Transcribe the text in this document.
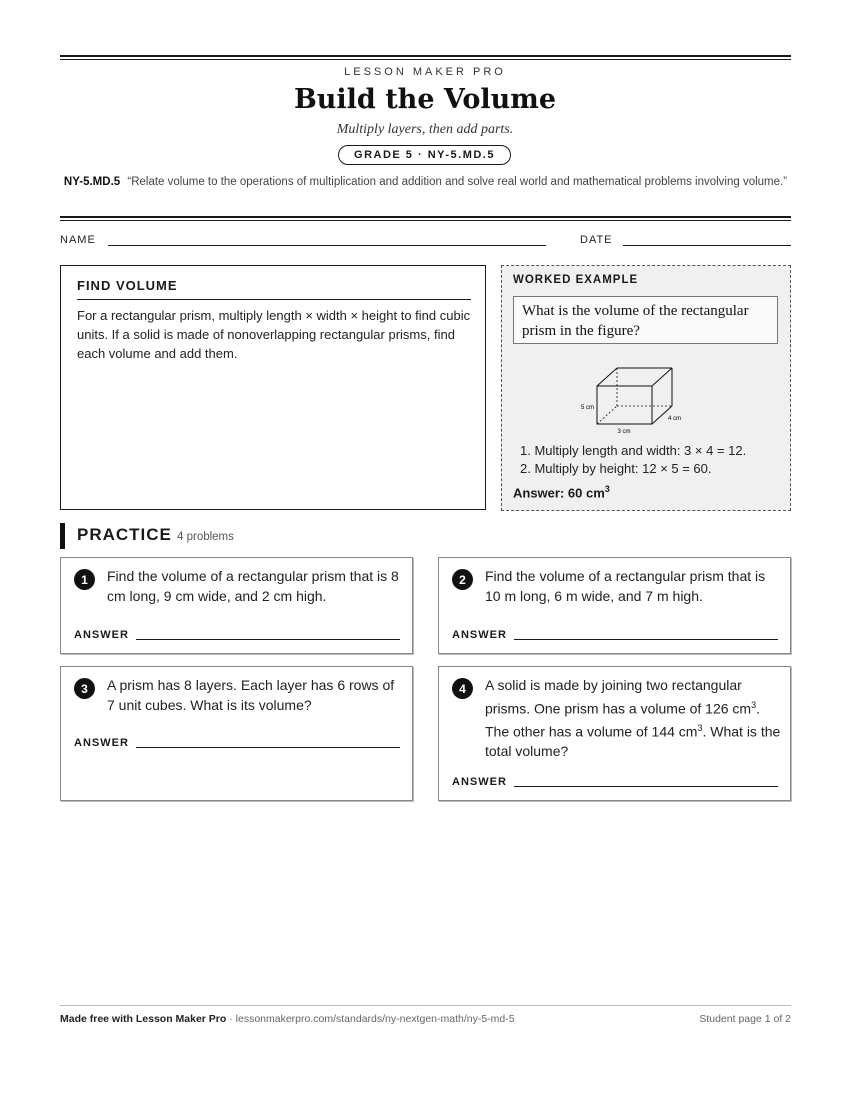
LESSON MAKER PRO
Build the Volume
Multiply layers, then add parts.
GRADE 5 · NY-5.MD.5
NY-5.MD.5 “Relate volume to the operations of multiplication and addition and solve real world and mathematical problems involving volume.”
NAME	DATE
FIND VOLUME
For a rectangular prism, multiply length × width × height to find cubic units. If a solid is made of nonoverlapping rectangular prisms, find each volume and add them.
WORKED EXAMPLE
What is the volume of the rectangular prism in the figure?
5 cm
3 cm
4 cm
1. Multiply length and width: 3 × 4 = 12.
2. Multiply by height: 12 × 5 = 60.
Answer: 60 $cm^3$
PRACTICE 4 problems
1	Find the volume of a rectangular prism that is 8 cm long, 9 cm wide, and 2 cm high.
ANSWER
2	Find the volume of a rectangular prism that is 10 m long, 6 m wide, and 7 m high.
ANSWER
3	A prism has 8 layers. Each layer has 6 rows of 7 unit cubes. What is its volume?
ANSWER
4	A solid is made by joining two rectangular prisms. One prism has a volume of 126 $cm^3$. The other has a volume of 144 $cm^3$. What is the total volume?
ANSWER
Made free with Lesson Maker Pro · lessonmakerpro.com/standards/ny-nextgen-math/ny-5-md-5	Student page 1 of 2
